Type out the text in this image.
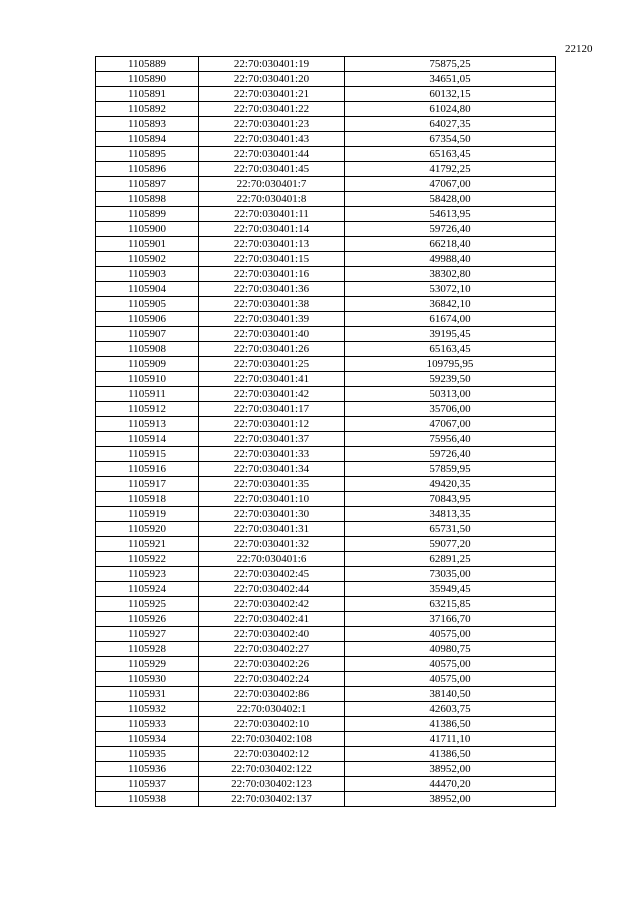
22120
1105889	22:70:030401:19	75875,25
1105890	22:70:030401:20	34651,05
1105891	22:70:030401:21	60132,15
1105892	22:70:030401:22	61024,80
1105893	22:70:030401:23	64027,35
1105894	22:70:030401:43	67354,50
1105895	22:70:030401:44	65163,45
1105896	22:70:030401:45	41792,25
1105897	22:70:030401:7	47067,00
1105898	22:70:030401:8	58428,00
1105899	22:70:030401:11	54613,95
1105900	22:70:030401:14	59726,40
1105901	22:70:030401:13	66218,40
1105902	22:70:030401:15	49988,40
1105903	22:70:030401:16	38302,80
1105904	22:70:030401:36	53072,10
1105905	22:70:030401:38	36842,10
1105906	22:70:030401:39	61674,00
1105907	22:70:030401:40	39195,45
1105908	22:70:030401:26	65163,45
1105909	22:70:030401:25	109795,95
1105910	22:70:030401:41	59239,50
1105911	22:70:030401:42	50313,00
1105912	22:70:030401:17	35706,00
1105913	22:70:030401:12	47067,00
1105914	22:70:030401:37	75956,40
1105915	22:70:030401:33	59726,40
1105916	22:70:030401:34	57859,95
1105917	22:70:030401:35	49420,35
1105918	22:70:030401:10	70843,95
1105919	22:70:030401:30	34813,35
1105920	22:70:030401:31	65731,50
1105921	22:70:030401:32	59077,20
1105922	22:70:030401:6	62891,25
1105923	22:70:030402:45	73035,00
1105924	22:70:030402:44	35949,45
1105925	22:70:030402:42	63215,85
1105926	22:70:030402:41	37166,70
1105927	22:70:030402:40	40575,00
1105928	22:70:030402:27	40980,75
1105929	22:70:030402:26	40575,00
1105930	22:70:030402:24	40575,00
1105931	22:70:030402:86	38140,50
1105932	22:70:030402:1	42603,75
1105933	22:70:030402:10	41386,50
1105934	22:70:030402:108	41711,10
1105935	22:70:030402:12	41386,50
1105936	22:70:030402:122	38952,00
1105937	22:70:030402:123	44470,20
1105938	22:70:030402:137	38952,00
